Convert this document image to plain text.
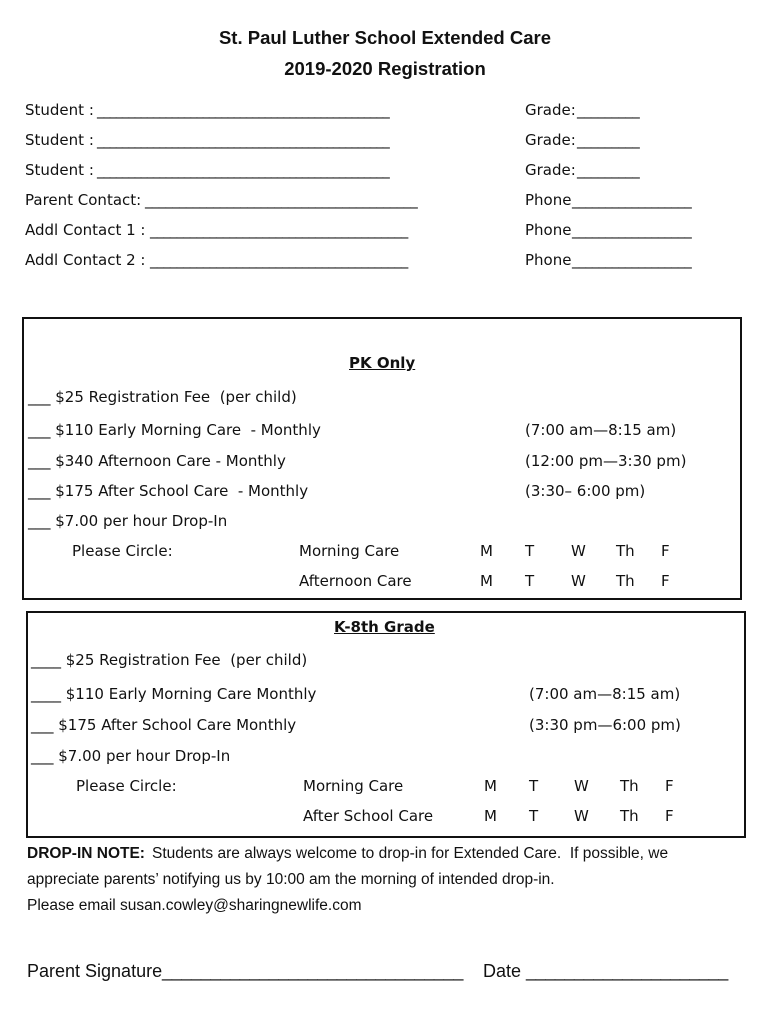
St. Paul Luther School Extended Care
2019-2020 Registration
Student : _______________________________________________	Grade: _________
Student : _______________________________________________	Grade: _________
Student : _______________________________________________	Grade: _________
Parent Contact: ________________________________________	Phone __________________
Addl Contact 1 : _______________________________________	Phone __________________
Addl Contact 2 : _______________________________________	Phone __________________
PK Only
___ $25 Registration Fee  (per child)
___ $110 Early Morning Care  - Monthly	(7:00 am—8:15 am)
___ $340 Afternoon Care - Monthly	(12:00 pm—3:30 pm)
___ $175 After School Care  - Monthly	(3:30– 6:00 pm)
___ $7.00 per hour Drop-In
Please Circle:	Morning Care	M T W Th F
Afternoon Care	M T W Th F
K-8th Grade
____ $25 Registration Fee  (per child)
____ $110 Early Morning Care Monthly	(7:00 am—8:15 am)
___ $175 After School Care Monthly	(3:30 pm—6:00 pm)
___ $7.00 per hour Drop-In
Please Circle:	Morning Care	M T W Th F
After School Care	M T W Th F
DROP-IN NOTE: Students are always welcome to drop-in for Extended Care.  If possible, we
appreciate parents’ notifying us by 10:00 am the morning of intended drop-in.
Please email susan.cowley@sharingnewlife.com
Parent Signature _______________________________ Date _____________________
